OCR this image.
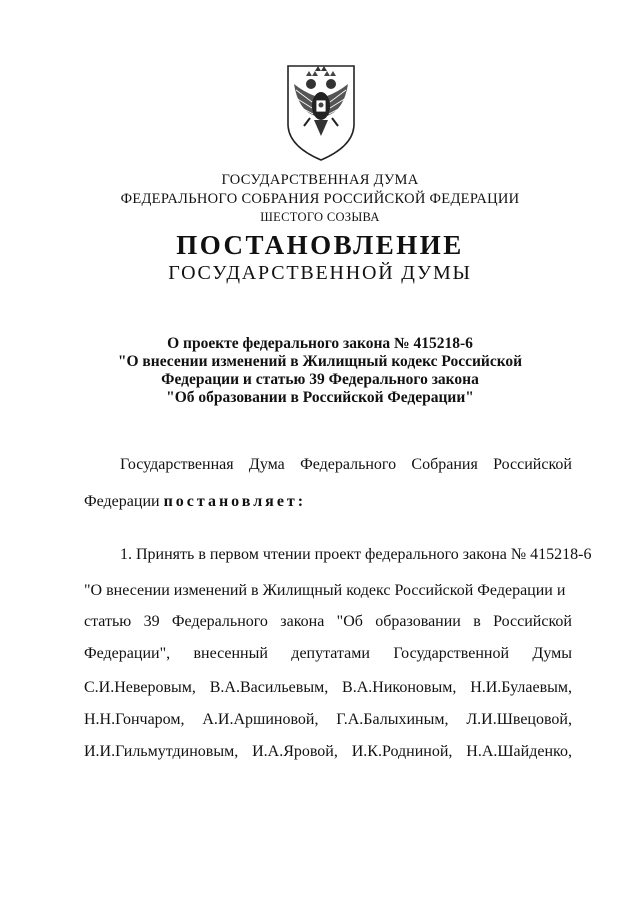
ГОСУДАРСТВЕННАЯ ДУМА
ФЕДЕРАЛЬНОГО СОБРАНИЯ РОССИЙСКОЙ ФЕДЕРАЦИИ
ШЕСТОГО СОЗЫВА
ПОСТАНОВЛЕНИЕ
ГОСУДАРСТВЕННОЙ ДУМЫ
О проекте федерального закона № 415218-6
"О внесении изменений в Жилищный кодекс Российской
Федерации и статью 39 Федерального закона
"Об образовании в Российской Федерации"
Государственная Дума Федерального Собрания Российской
Федерации постановляет:
1. Принять в первом чтении проект федерального закона № 415218-6
"О внесении изменений в Жилищный кодекс Российской Федерации и
статью 39 Федерального закона "Об образовании в Российской
Федерации", внесенный депутатами Государственной Думы
С.И.Неверовым, В.А.Васильевым, В.А.Никоновым, Н.И.Булаевым,
Н.Н.Гончаром, А.И.Аршиновой, Г.А.Балыхиным, Л.И.Швецовой,
И.И.Гильмутдиновым, И.А.Яровой, И.К.Родниной, Н.А.Шайденко,
